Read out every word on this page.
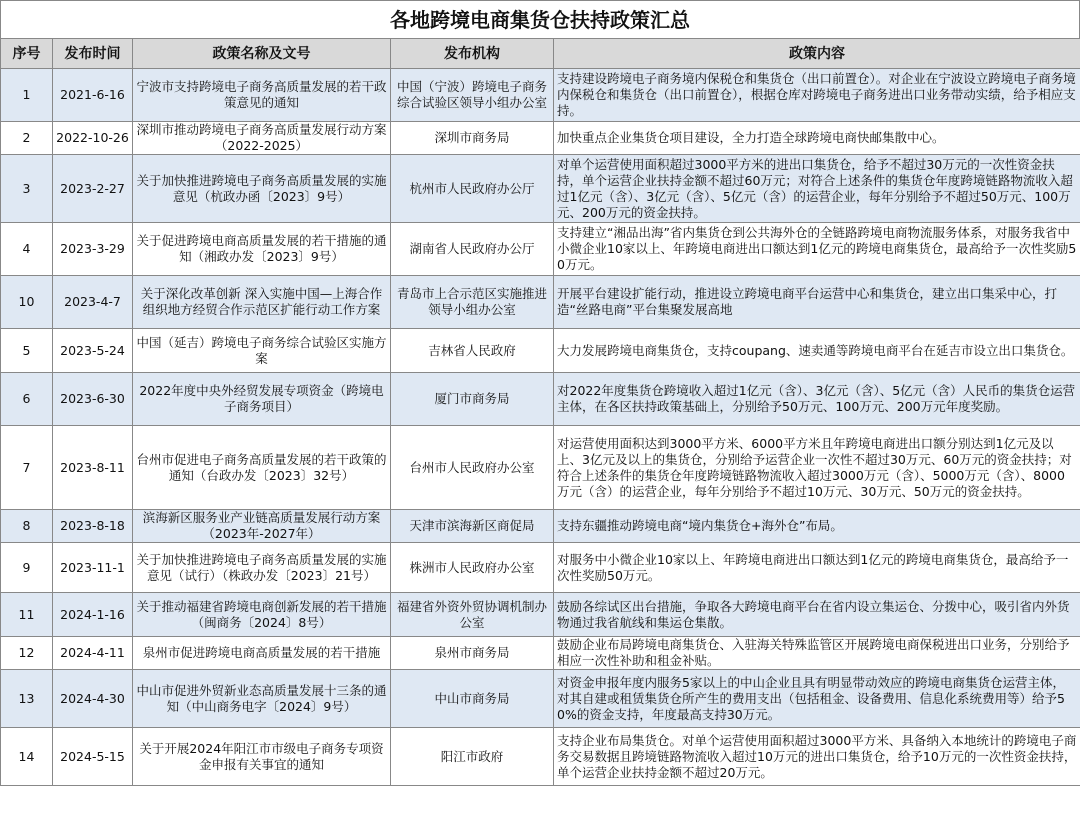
各地跨境电商集货仓扶持政策汇总
序号	发布时间	政策名称及文号	发布机构	政策内容
1	2021-6-16	宁波市支持跨境电子商务高质量发展的若干政策意见的通知	中国（宁波）跨境电子商务综合试验区领导小组办公室	支持建设跨境电子商务境内保税仓和集货仓（出口前置仓）。对企业在宁波设立跨境电子商务境内保税仓和集货仓（出口前置仓），根据仓库对跨境电子商务进出口业务带动实绩，给予相应支持。
2	2022-10-26	深圳市推动跨境电子商务高质量发展行动方案（2022-2025）	深圳市商务局	加快重点企业集货仓项目建设，全力打造全球跨境电商快邮集散中心。
3	2023-2-27	关于加快推进跨境电子商务高质量发展的实施意见（杭政办函〔2023〕9号）	杭州市人民政府办公厅	对单个运营使用面积超过3000平方米的进出口集货仓，给予不超过30万元的一次性资金扶持，单个运营企业扶持金额不超过60万元；对符合上述条件的集货仓年度跨境链路物流收入超过1亿元（含）、3亿元（含）、5亿元（含）的运营企业，每年分别给予不超过50万元、100万元、200万元的资金扶持。
4	2023-3-29	关于促进跨境电商高质量发展的若干措施的通知（湘政办发〔2023〕9号）	湖南省人民政府办公厅	支持建立“湘品出海”省内集货仓到公共海外仓的全链路跨境电商物流服务体系，对服务我省中小微企业10家以上、年跨境电商进出口额达到1亿元的跨境电商集货仓，最高给予一次性奖励50万元。
10	2023-4-7	关于深化改革创新 深入实施中国—上海合作组织地方经贸合作示范区扩能行动工作方案	青岛市上合示范区实施推进领导小组办公室	开展平台建设扩能行动，推进设立跨境电商平台运营中心和集货仓，建立出口集采中心，打造“丝路电商”平台集聚发展高地
5	2023-5-24	中国（延吉）跨境电子商务综合试验区实施方案	吉林省人民政府	大力发展跨境电商集货仓，支持coupang、速卖通等跨境电商平台在延吉市设立出口集货仓。
6	2023-6-30	2022年度中央外经贸发展专项资金（跨境电子商务项目）	厦门市商务局	对2022年度集货仓跨境收入超过1亿元（含）、3亿元（含）、5亿元（含）人民币的集货仓运营主体，在各区扶持政策基础上，分别给予50万元、100万元、200万元年度奖励。
7	2023-8-11	台州市促进电子商务高质量发展的若干政策的通知（台政办发〔2023〕32号）	台州市人民政府办公室	对运营使用面积达到3000平方米、6000平方米且年跨境电商进出口额分别达到1亿元及以上、3亿元及以上的集货仓，分别给予运营企业一次性不超过30万元、60万元的资金扶持；对符合上述条件的集货仓年度跨境链路物流收入超过3000万元（含）、5000万元（含）、8000万元（含）的运营企业，每年分别给予不超过10万元、30万元、50万元的资金扶持。
8	2023-8-18	滨海新区服务业产业链高质量发展行动方案（2023年-2027年）	天津市滨海新区商促局	支持东疆推动跨境电商“境内集货仓+海外仓”布局。
9	2023-11-1	关于加快推进跨境电子商务高质量发展的实施意见（试行）（株政办发〔2023〕21号）	株洲市人民政府办公室	对服务中小微企业10家以上、年跨境电商进出口额达到1亿元的跨境电商集货仓，最高给予一次性奖励50万元。
11	2024-1-16	关于推动福建省跨境电商创新发展的若干措施（闽商务〔2024〕8号）	福建省外资外贸协调机制办公室	鼓励各综试区出台措施，争取各大跨境电商平台在省内设立集运仓、分拨中心，吸引省内外货物通过我省航线和集运仓集散。
12	2024-4-11	泉州市促进跨境电商高质量发展的若干措施	泉州市商务局	鼓励企业布局跨境电商集货仓、入驻海关特殊监管区开展跨境电商保税进出口业务，分别给予相应一次性补助和租金补贴。
13	2024-4-30	中山市促进外贸新业态高质量发展十三条的通知（中山商务电字〔2024〕9号）	中山市商务局	对资金申报年度内服务5家以上的中山企业且具有明显带动效应的跨境电商集货仓运营主体，对其自建或租赁集货仓所产生的费用支出（包括租金、设备费用、信息化系统费用等）给予50%的资金支持，年度最高支持30万元。
14	2024-5-15	关于开展2024年阳江市市级电子商务专项资金申报有关事宜的通知	阳江市政府	支持企业布局集货仓。对单个运营使用面积超过3000平方米、具备纳入本地统计的跨境电子商务交易数据且跨境链路物流收入超过10万元的进出口集货仓，给予10万元的一次性资金扶持，单个运营企业扶持金额不超过20万元。
